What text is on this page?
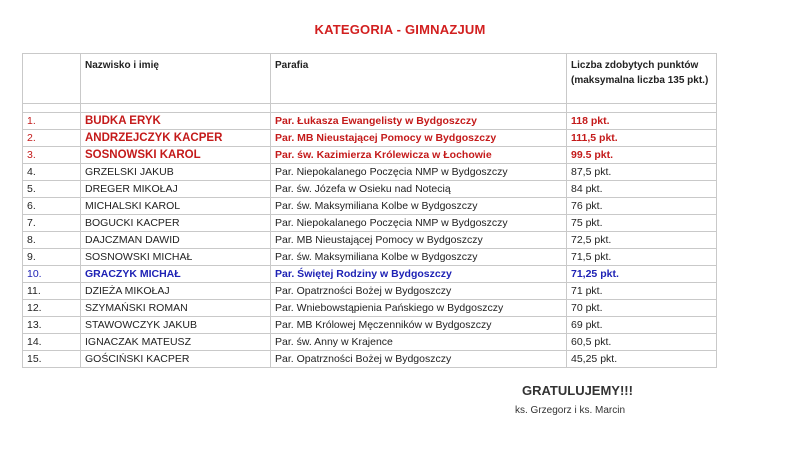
KATEGORIA - GIMNAZJUM
	Nazwisko i imię	Parafia	Liczba zdobytych punktów
(maksymalna liczba 135 pkt.)

1.	BUDKA ERYK	Par. Łukasza Ewangelisty w Bydgoszczy	118 pkt.
2.	ANDRZEJCZYK KACPER	Par. MB Nieustającej Pomocy w Bydgoszczy	111,5 pkt.
3.	SOSNOWSKI KAROL	Par. św. Kazimierza Królewicza w Łochowie	99.5 pkt.
4.	GRZELSKI JAKUB	Par. Niepokalanego Poczęcia NMP w Bydgoszczy	87,5 pkt.
5.	DREGER MIKOŁAJ	Par. św. Józefa w Osieku nad Notecią	84 pkt.
6.	MICHALSKI KAROL	Par. św. Maksymiliana Kolbe w Bydgoszczy	76 pkt.
7.	BOGUCKI KACPER	Par. Niepokalanego Poczęcia NMP w Bydgoszczy	75 pkt.
8.	DAJCZMAN DAWID	Par. MB Nieustającej Pomocy w Bydgoszczy	72,5 pkt.
9.	SOSNOWSKI MICHAŁ	Par. św. Maksymiliana Kolbe w Bydgoszczy	71,5 pkt.
10.	GRACZYK MICHAŁ	Par. Świętej Rodziny w Bydgoszczy	71,25 pkt.
11.	DZIEŻA MIKOŁAJ	Par. Opatrzności Bożej w Bydgoszczy	71 pkt.
12.	SZYMAŃSKI ROMAN	Par. Wniebowstąpienia Pańskiego w Bydgoszczy	70 pkt.
13.	STAWOWCZYK JAKUB	Par. MB Królowej Męczenników w Bydgoszczy	69 pkt.
14.	IGNACZAK MATEUSZ	Par. św. Anny w Krajence	60,5 pkt.
15.	GOŚCIŃSKI KACPER	Par. Opatrzności Bożej w Bydgoszczy	45,25 pkt.
GRATULUJEMY!!!
ks. Grzegorz i ks. Marcin
